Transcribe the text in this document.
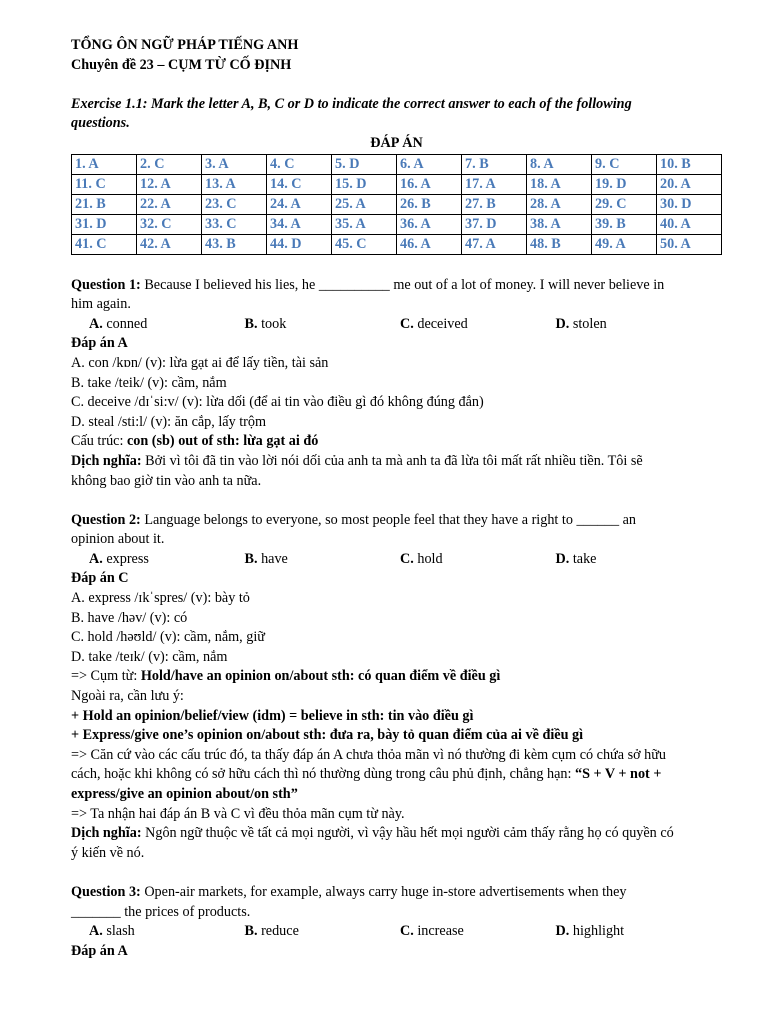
TỔNG ÔN NGỮ PHÁP TIẾNG ANH

Chuyên đề 23 – CỤM TỪ CỐ ĐỊNH

Exercise 1.1: Mark the letter A, B, C or D to indicate the correct answer to each of the following

questions.

ĐÁP ÁN

1. A	2. C	3. A	4. C	5. D	6. A	7. B	8. A	9. C	10. B
11. C	12. A	13. A	14. C	15. D	16. A	17. A	18. A	19. D	20. A
21. B	22. A	23. C	24. A	25. A	26. B	27. B	28. A	29. C	30. D
31. D	32. C	33. C	34. A	35. A	36. A	37. D	38. A	39. B	40. A
41. C	42. A	43. B	44. D	45. C	46. A	47. A	48. B	49. A	50. A

Question 1: Because I believed his lies, he __________ me out of a lot of money. I will never believe in

him again.

A. conned	B. took	C. deceived	D. stolen

Đáp án A

A. con /kɒn/ (v): lừa gạt ai để lấy tiền, tài sản

B. take /teik/ (v): cầm, nắm

C. deceive /dɪˈsi:v/ (v): lừa dối (để ai tin vào điều gì đó không đúng đắn)

D. steal /sti:l/ (v): ăn cắp, lấy trộm

Cấu trúc: con (sb) out of sth: lừa gạt ai đó

Dịch nghĩa: Bởi vì tôi đã tin vào lời nói dối của anh ta mà anh ta đã lừa tôi mất rất nhiều tiền. Tôi sẽ

không bao giờ tin vào anh ta nữa.

Question 2: Language belongs to everyone, so most people feel that they have a right to ______ an

opinion about it.

A. express	B. have	C. hold	D. take

Đáp án C

A. express /ɪkˈspres/ (v): bày tỏ

B. have /həv/ (v): có

C. hold /həʊld/ (v): cầm, nắm, giữ

D. take /teɪk/ (v): cầm, nắm

=> Cụm từ: Hold/have an opinion on/about sth: có quan điểm về điều gì

Ngoài ra, cần lưu ý:

+ Hold an opinion/belief/view (idm) = believe in sth: tin vào điều gì

+ Express/give one’s opinion on/about sth: đưa ra, bày tỏ quan điểm của ai về điều gì

=> Căn cứ vào các cấu trúc đó, ta thấy đáp án A chưa thỏa mãn vì nó thường đi kèm cụm có chứa sở hữu

cách, hoặc khi không có sở hữu cách thì nó thường dùng trong câu phủ định, chẳng hạn: “S + V + not +

express/give an opinion about/on sth”

=> Ta nhận hai đáp án B và C vì đều thỏa mãn cụm từ này.

Dịch nghĩa: Ngôn ngữ thuộc về tất cả mọi người, vì vậy hầu hết mọi người cảm thấy rằng họ có quyền có

ý kiến về nó.

Question 3: Open-air markets, for example, always carry huge in-store advertisements when they

_______ the prices of products.

A. slash	B. reduce	C. increase	D. highlight

Đáp án A
